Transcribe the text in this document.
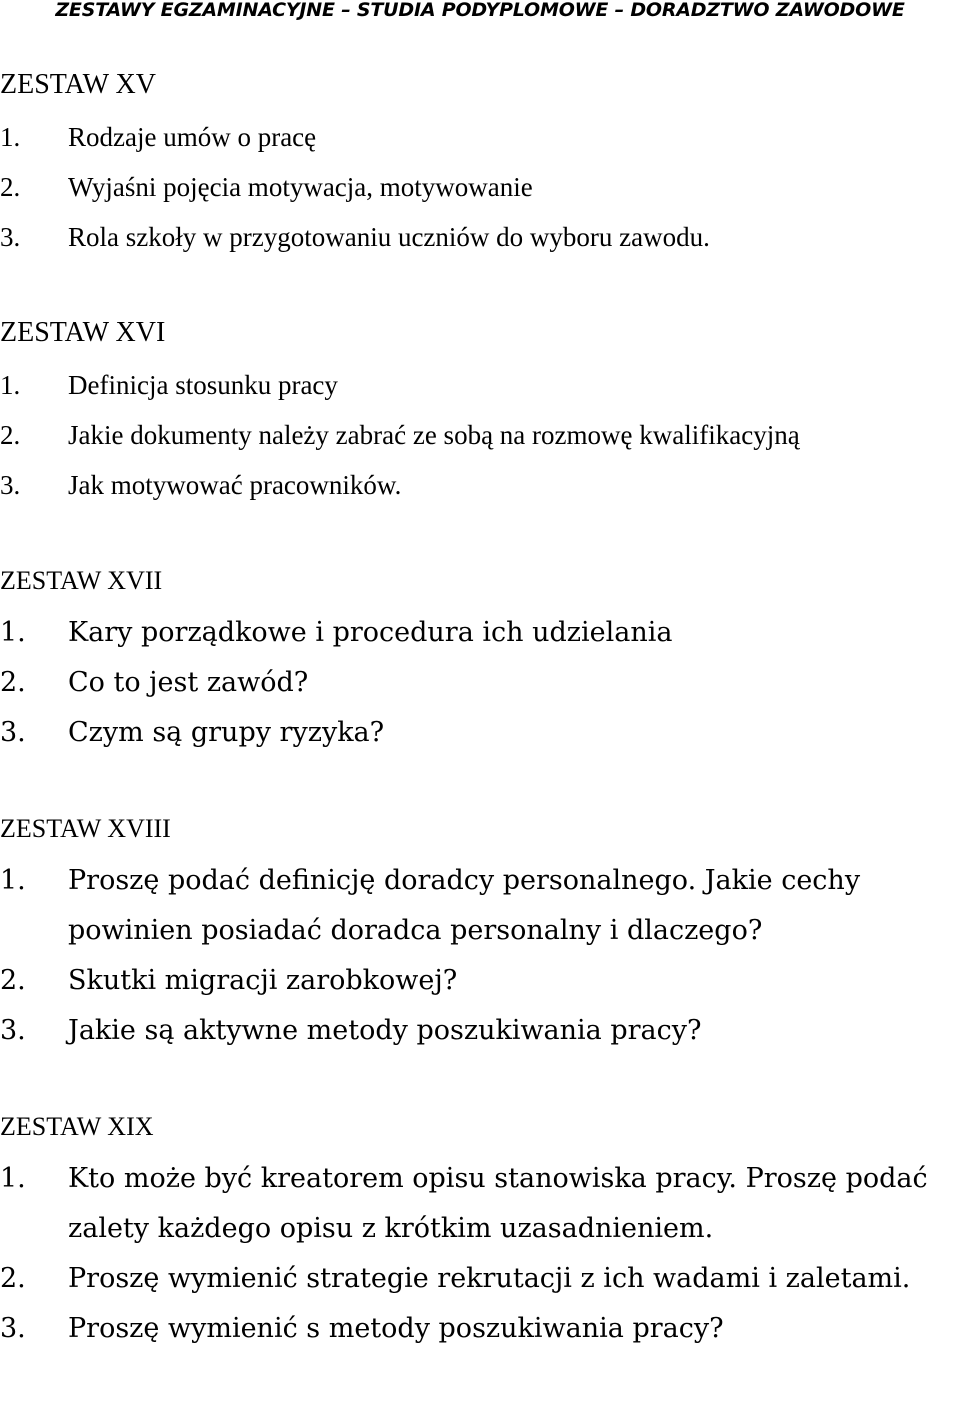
ZESTAWY EGZAMINACYJNE – STUDIA PODYPLOMOWE – DORADZTWO ZAWODOWE
ZESTAW XV
1.	Rodzaje umów o pracę
2.	Wyjaśni pojęcia motywacja, motywowanie
3.	Rola szkoły w przygotowaniu uczniów do wyboru zawodu.
ZESTAW XVI
1.	Definicja stosunku pracy
2.	Jakie dokumenty należy zabrać ze sobą na rozmowę kwalifikacyjną
3.	Jak motywować pracowników.
ZESTAW XVII
1.	Kary porządkowe i procedura ich udzielania
2.	Co to jest zawód?
3.	Czym są grupy ryzyka?
ZESTAW XVIII
1.	Proszę podać definicję doradcy personalnego. Jakie cechy powinien posiadać doradca personalny i dlaczego?
2.	Skutki migracji zarobkowej?
3.	Jakie są aktywne metody poszukiwania pracy?
ZESTAW XIX
1.	Kto może być kreatorem opisu stanowiska pracy. Proszę podać zalety każdego opisu z krótkim uzasadnieniem.
2.	Proszę wymienić strategie rekrutacji z ich wadami i zaletami.
3.	Proszę wymienić s metody poszukiwania pracy?
